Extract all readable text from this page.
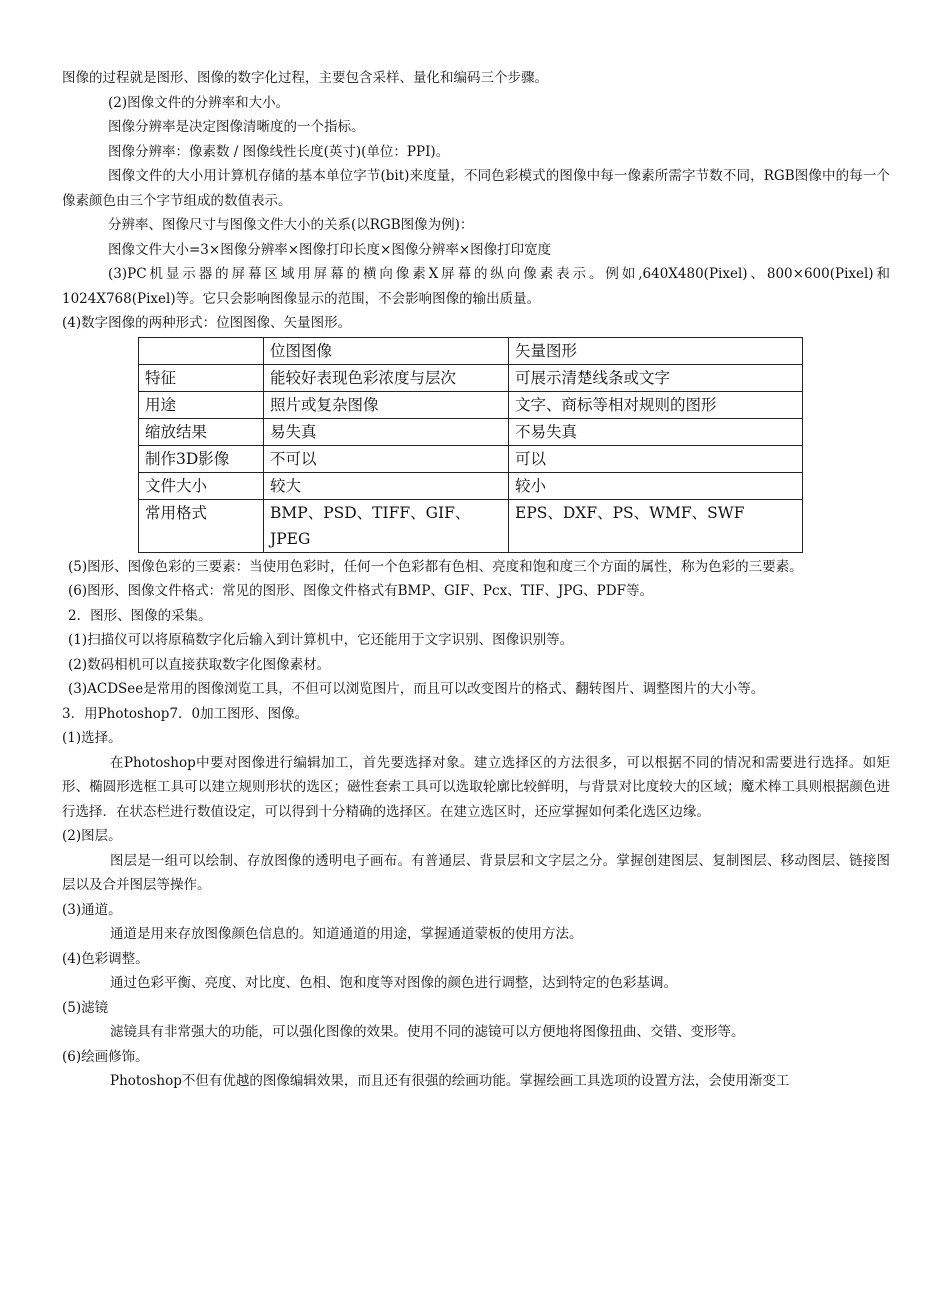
图像的过程就是图形、图像的数字化过程，主要包含采样、量化和编码三个步骤。

(2)图像文件的分辨率和大小。

图像分辨率是决定图像清晰度的一个指标。

图像分辨率：像素数 / 图像线性长度(英寸)(单位：PPI)。

图像文件的大小用计算机存储的基本单位字节(bit)来度量，不同色彩模式的图像中每一像素所需字节数不同，RGB图像中的每一个像素颜色由三个字节组成的数值表示。

分辨率、图像尺寸与图像文件大小的关系(以RGB图像为例)：

图像文件大小=3×图像分辨率×图像打印长度×图像分辨率×图像打印宽度

(3)PC机显示器的屏幕区域用屏幕的横向像素X屏幕的纵向像素表示。例如,640X480(Pixel)、800×600(Pixel)和1024X768(Pixel)等。它只会影响图像显示的范围，不会影响图像的输出质量。

(4)数字图像的两种形式：位图图像、矢量图形。

	位图图像	矢量图形
特征	能较好表现色彩浓度与层次	可展示清楚线条或文字
用途	照片或复杂图像	文字、商标等相对规则的图形
缩放结果	易失真	不易失真
制作3D影像	不可以	可以
文件大小	较大	较小
常用格式	BMP、PSD、TIFF、GIF、JPEG	EPS、DXF、PS、WMF、SWF

(5)图形、图像色彩的三要素：当使用色彩时，任何一个色彩都有色相、亮度和饱和度三个方面的属性，称为色彩的三要素。

(6)图形、图像文件格式：常见的图形、图像文件格式有BMP、GIF、Pcx、TIF、JPG、PDF等。

2．图形、图像的采集。

(1)扫描仪可以将原稿数字化后输入到计算机中，它还能用于文字识别、图像识别等。

(2)数码相机可以直接获取数字化图像素材。

(3)ACDSee是常用的图像浏览工具，不但可以浏览图片，而且可以改变图片的格式、翻转图片、调整图片的大小等。

3．用Photoshop7．0加工图形、图像。

(1)选择。

在Photoshop中要对图像进行编辑加工，首先要选择对象。建立选择区的方法很多，可以根据不同的情况和需要进行选择。如矩形、椭圆形选框工具可以建立规则形状的选区；磁性套索工具可以选取轮廓比较鲜明，与背景对比度较大的区域；魔术棒工具则根据颜色进行选择．在状态栏进行数值设定，可以得到十分精确的选择区。在建立选区时，还应掌握如何柔化选区边缘。

(2)图层。

图层是一组可以绘制、存放图像的透明电子画布。有普通层、背景层和文字层之分。掌握创建图层、复制图层、移动图层、链接图层以及合并图层等操作。

(3)通道。

通道是用来存放图像颜色信息的。知道通道的用途，掌握通道蒙板的使用方法。

(4)色彩调整。

通过色彩平衡、亮度、对比度、色相、饱和度等对图像的颜色进行调整，达到特定的色彩基调。

(5)滤镜

滤镜具有非常强大的功能，可以强化图像的效果。使用不同的滤镜可以方便地将图像扭曲、交错、变形等。

(6)绘画修饰。

Photoshop不但有优越的图像编辑效果，而且还有很强的绘画功能。掌握绘画工具选项的设置方法，会使用渐变工
